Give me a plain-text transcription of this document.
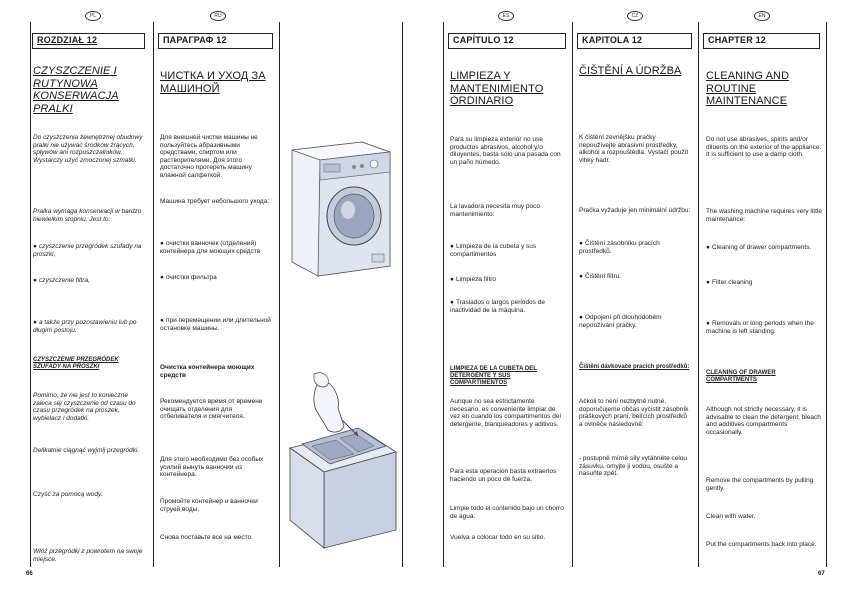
PL	RU	ES	CZ	EN
ROZDZIAŁ 12
CZYSZCZENIE I RUTYNOWA KONSERWACJA PRALKI
Do czyszczenia zewnętrznej obudowy pralki nie używać środków żrących, spływów ani rozpuszczalników. Wystarczy użyć zmoczonej szmatki.
Pralka wymaga konserwacji w bardzo niewielkim stopniu. Jest to:
● czyszczenie przegródek szufady na proszki,
● czyszczenie filtra,
● a także przy pozostawieniu lub po długim postoju.
CZYSZCZENIE PRZEGRÓDEK SZUFADY NA PROSZKI
Pomimo, że nie jest to konieczne zaleca się czyszczenie od czasu do czasu przegródek na proszek, wybielacz i dodatki.
Delikatnie ciągnąć wyjmij przegródki.
Czyść za pomocą wody.
Włóż przegródki z powrotem na swoje miejsce.
66
ПАРАГРАФ 12
ЧИСТКА И УХОД ЗА МАШИНОЙ
Для внешней чистки машины не пользуйтесь абразивными средствами, спиртом или растворителями. Для этого достаточно протереть машину влажной салфеткой.
Машина требует небольшого ухода:
● очистки ванночек (отделений) контейнера для моющих средств
● очистки фильтра
● при перемещении или длительной остановке машины.
Очистка контейнера моющих средств
Рекомендуется время от времени очищать отделения для отбеливателя и смягчителя.
Для этого необходимо без особых усилий вынуть ванночки из контейнера.
Промойте контейнер и ванночки струей воды.
Снова поставьте все на место.
CAPÍTULO 12
LIMPIEZA Y MANTENIMIENTO ORDINARIO
Para su limpieza exterior no use productos abrasivos, alcohol y/o diluyentes, basta sólo una pasada con un paño húmedo.
La lavadora necesita muy poco mantenimiento:
● Limpieza de la cubeta y sus compartimentos
● Limpieza filtro
● Traslados o largos periodos de inactividad de la máquina.
LIMPIEZA DE LA CUBETA DEL DETERGENTE Y SUS COMPARTIMENTOS
Aunque no sea estrictamente necesario, es conveniente limpiar de vez en cuando los compartimentos del detergente, blanqueadores y aditivos.
Para esta operacion basta extraerlos haciendo un poco de fuerza.
Limpie todo el contenido bajo un chorro de agua.
Vuelva a colocar todo en su sitio.
KAPITOLA 12
ČIŠTĚNÍ A ÚDRŽBA
K čištění zevnějšku pračky nepoužívejte abrasivní prostředky, alkohol a rozpouštědla. Vystačí použít vlhký hadr.
Pračka vyžaduje jen minimální údržbu:
● Čištění zásobníku pracích prostředků.
● Čištění filtru.
● Odpojení při dlouhodobém nepoužívání pračky.
Čištění dávkovače pracích prostředků:
Ačkoli to není nezbytně nutné, doporučujeme občas vyčistit zásobník práškových praní, bělících prostředků a ovlněče následovně:
- postupně mírně síly vytáhněte celou zásuvku, omyjte ji vodou, osušte a nasuňte zpět.
CHAPTER 12
CLEANING AND ROUTINE MAINTENANCE
Do not use abrasives, spirits and/or diluents on the exterior of the appliance. It is sufficient to use a damp cloth.
The washing machine requires very little maintenance:
● Cleaning of drawer compartments.
● Filter cleaning
● Removals or long periods when the machine is left standing.
CLEANING OF DRAWER COMPARTMENTS
Although not strictly necessary, it is advisable to clean the detergent, bleach and additives compartments occasionally.
Remove the compartments by pulling gently.
Clean with water.
Put the compartments back into place.
67
